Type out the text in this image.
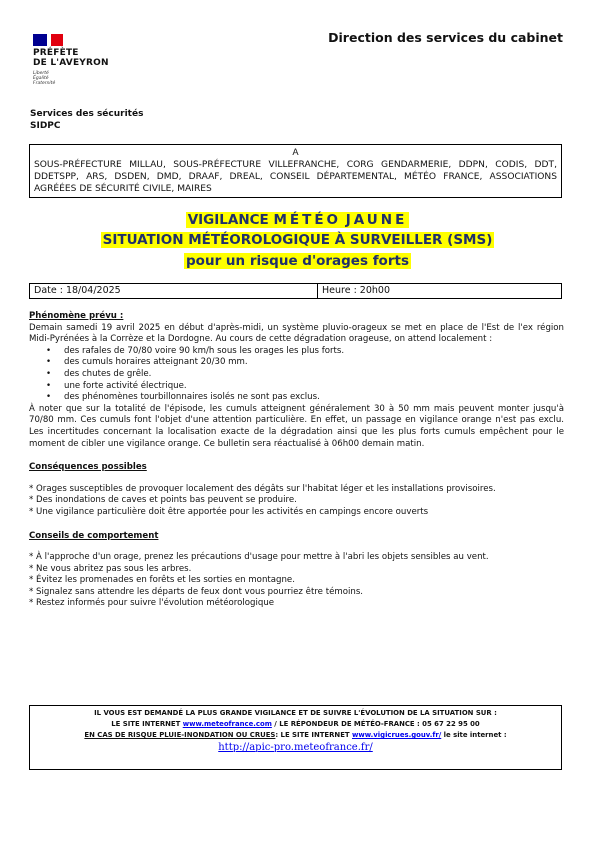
PRÉFÈTE
DE L'AVEYRON
Liberté
Égalité
Fraternité
Direction des services du cabinet
Services des sécurités
SIDPC
A
SOUS-PRÉFECTURE MILLAU, SOUS-PRÉFECTURE VILLEFRANCHE, CORG GENDARMERIE, DDPN, CODIS, DDT, DDETSPP, ARS, DSDEN, DMD, DRAAF, DREAL, CONSEIL DÉPARTEMENTAL, MÉTÉO FRANCE, ASSOCIATIONS AGRÉÉES DE SÉCURITÉ CIVILE, MAIRES
VIGILANCE MÉTÉO JAUNE
SITUATION MÉTÉOROLOGIQUE À SURVEILLER (SMS)
pour un risque d'orages forts
Date : 18/04/2025	Heure : 20h00
Phénomène prévu :

Demain samedi 19 avril 2025 en début d'après-midi, un système pluvio-orageux se met en place de l'Est de l'ex région Midi-Pyrénées à la Corrèze et la Dordogne. Au cours de cette dégradation orageuse, on attend localement :

• des rafales de 70/80 voire 90 km/h sous les orages les plus forts.
• des cumuls horaires atteignant 20/30 mm.
• des chutes de grêle.
• une forte activité électrique.
• des phénomènes tourbillonnaires isolés ne sont pas exclus.

À noter que sur la totalité de l'épisode, les cumuls atteignent généralement 30 à 50 mm mais peuvent monter jusqu'à 70/80 mm. Ces cumuls font l'objet d'une attention particulière. En effet, un passage en vigilance orange n'est pas exclu. Les incertitudes concernant la localisation exacte de la dégradation ainsi que les plus forts cumuls empêchent pour le moment de cibler une vigilance orange. Ce bulletin sera réactualisé à 06h00 demain matin.

Conséquences possibles
* Orages susceptibles de provoquer localement des dégâts sur l'habitat léger et les installations provisoires.
* Des inondations de caves et points bas peuvent se produire.
* Une vigilance particulière doit être apportée pour les activités en campings encore ouverts
Conseils de comportement
* À l'approche d'un orage, prenez les précautions d'usage pour mettre à l'abri les objets sensibles au vent.
* Ne vous abritez pas sous les arbres.
* Évitez les promenades en forêts et les sorties en montagne.
* Signalez sans attendre les départs de feux dont vous pourriez être témoins.
* Restez informés pour suivre l'évolution météorologique
IL VOUS EST DEMANDÉ LA PLUS GRANDE VIGILANCE ET DE SUIVRE L'ÉVOLUTION DE LA SITUATION SUR :
LE SITE INTERNET www.meteofrance.com / LE RÉPONDEUR DE MÉTÉO-FRANCE : 05 67 22 95 00
EN CAS DE RISQUE PLUIE-INONDATION OU CRUES: LE SITE INTERNET www.vigicrues.gouv.fr/ le site internet :
http://apic-pro.meteofrance.fr/
